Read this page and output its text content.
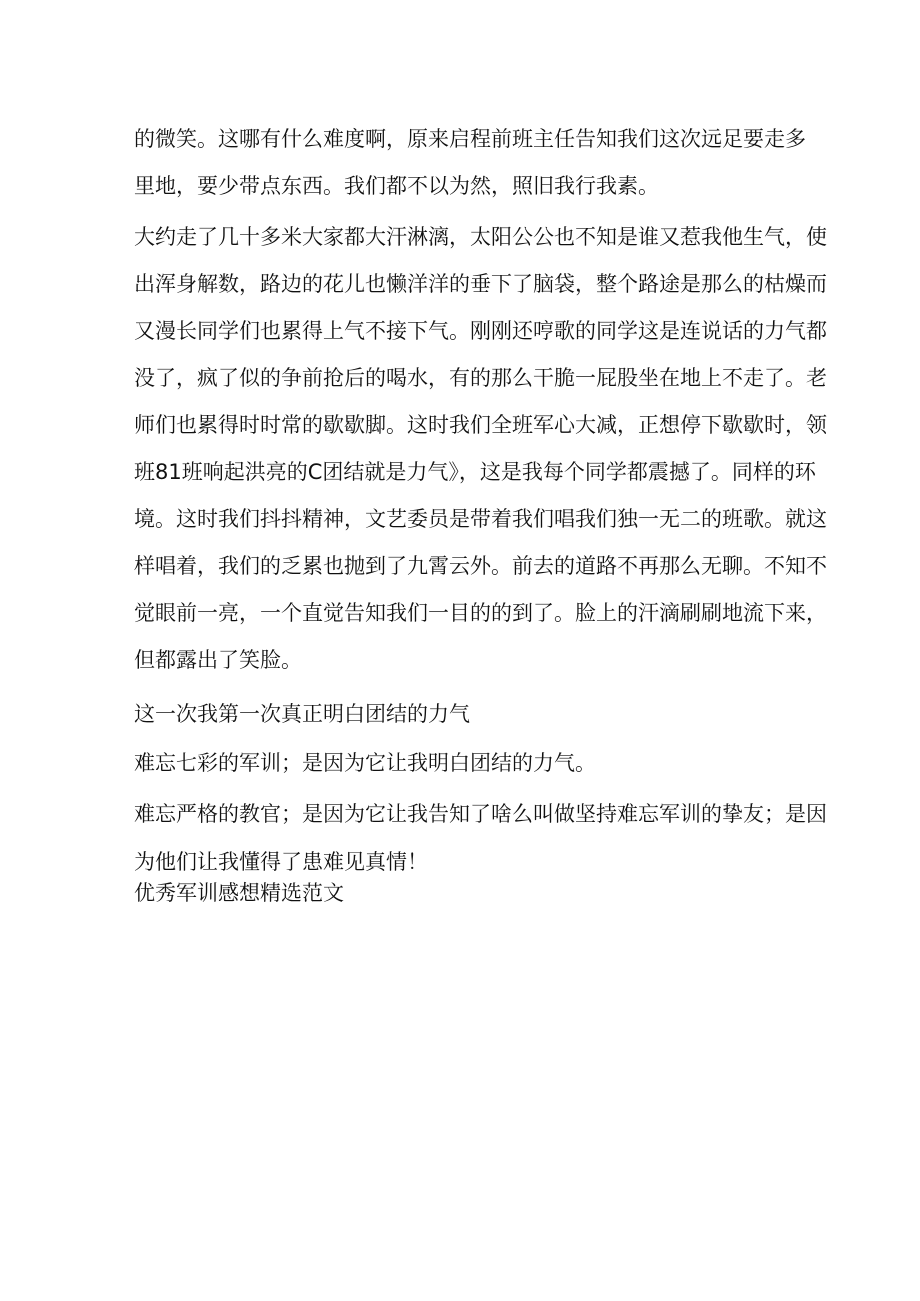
的微笑。这哪有什么难度啊，原来启程前班主任告知我们这次远足要走多

里地，要少带点东西。我们都不以为然，照旧我行我素。

大约走了几十多米大家都大汗淋漓，太阳公公也不知是谁又惹我他生气，使

出浑身解数，路边的花儿也懒洋洋的垂下了脑袋，整个路途是那么的枯燥而

又漫长同学们也累得上气不接下气。刚刚还哼歌的同学这是连说话的力气都

没了，疯了似的争前抢后的喝水，有的那么干脆一屁股坐在地上不走了。老

师们也累得时时常的歇歇脚。这时我们全班军心大减，正想停下歇歇时，领

班81班响起洪亮的C团结就是力气》，这是我每个同学都震撼了。同样的环

境。这时我们抖抖精神，文艺委员是带着我们唱我们独一无二的班歌。就这

样唱着，我们的乏累也抛到了九霄云外。前去的道路不再那么无聊。不知不

觉眼前一亮，一个直觉告知我们一目的的到了。脸上的汗滴刷刷地流下来，

但都露出了笑脸。

这一次我第一次真正明白团结的力气

难忘七彩的军训；是因为它让我明白团结的力气。

难忘严格的教官；是因为它让我告知了啥么叫做坚持难忘军训的挚友；是因

为他们让我懂得了患难见真情！

优秀军训感想精选范文
